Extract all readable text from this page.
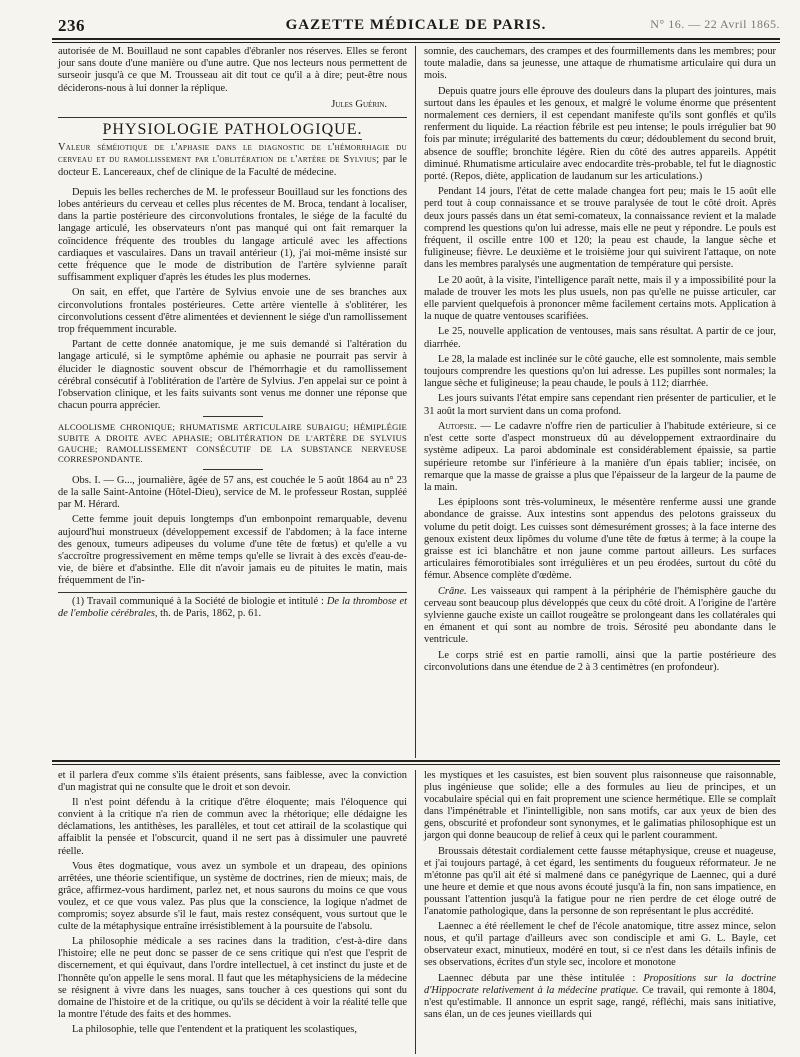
236	GAZETTE MÉDICALE DE PARIS.	N° 16. — 22 Avril 1865.

autorisée de M. Bouillaud ne sont capables d'ébranler nos réserves. Elles se feront jour sans doute d'une manière ou d'une autre. Que nos lecteurs nous permettent de surseoir jusqu'à ce que M. Trousseau ait dit tout ce qu'il a à dire; peut-être nous déciderons-nous à lui donner la réplique.

Jules Guérin.
PHYSIOLOGIE PATHOLOGIQUE.

Valeur séméiotique de l'aphasie dans le diagnostic de l'hémorrhagie du cerveau et du ramollissement par l'oblitération de l'artère de Sylvius; par le docteur E. Lancereaux, chef de clinique de la Faculté de médecine.

Depuis les belles recherches de M. le professeur Bouillaud sur les fonctions des lobes antérieurs du cerveau et celles plus récentes de M. Broca, tendant à localiser, dans la partie postérieure des circonvolutions frontales, le siége de la faculté du langage articulé, les observateurs n'ont pas manqué qui ont fait remarquer la coïncidence fréquente des troubles du langage articulé avec les affections cardiaques et vasculaires. Dans un travail antérieur (1), j'ai moi-même insisté sur cette fréquence que le mode de distribution de l'artère sylvienne paraît suffisamment expliquer d'après les études les plus modernes.

On sait, en effet, que l'artère de Sylvius envoie une de ses branches aux circonvolutions frontales postérieures. Cette artère vientelle à s'oblitérer, les circonvolutions cessent d'être alimentées et deviennent le siége d'un ramollissement trop fréquemment incurable.

Partant de cette donnée anatomique, je me suis demandé si l'altération du langage articulé, si le symptôme aphémie ou aphasie ne pourrait pas servir à élucider le diagnostic souvent obscur de l'hémorrhagie et du ramollissement cérébral consécutif à l'oblitération de l'artère de Sylvius. J'en appelai sur ce point à l'observation clinique, et les faits suivants sont venus me donner une réponse que chacun pourra apprécier.

ALCOOLISME CHRONIQUE; RHUMATISME ARTICULAIRE SUBAIGU; HÉMIPLÉGIE SUBITE A DROITE AVEC APHASIE; OBLITÉRATION DE L'ARTÈRE DE SYLVIUS GAUCHE; RAMOLLISSEMENT CONSÉCUTIF DE LA SUBSTANCE NERVEUSE CORRESPONDANTE.

Obs. I. — G..., journalière, âgée de 57 ans, est couchée le 5 août 1864 au n° 23 de la salle Saint-Antoine (Hôtel-Dieu), service de M. le professeur Rostan, suppléé par M. Hérard.

Cette femme jouit depuis longtemps d'un embonpoint remarquable, devenu aujourd'hui monstrueux (développement excessif de l'abdomen; à la face interne des genoux, tumeurs adipeuses du volume d'une tête de fœtus) et qu'elle a vu s'accroître progressivement en même temps qu'elle se livrait à des excès d'eau-de-vie, de bière et d'absinthe. Elle dit n'avoir jamais eu de pituites le matin, mais fréquemment de l'in-

(1) Travail communiqué à la Société de biologie et intitulé : De la thrombose et de l'embolie cérébrales, th. de Paris, 1862, p. 61.

somnie, des cauchemars, des crampes et des fourmillements dans les membres; pour toute maladie, dans sa jeunesse, une attaque de rhumatisme articulaire qui dura un mois.

Depuis quatre jours elle éprouve des douleurs dans la plupart des jointures, mais surtout dans les épaules et les genoux, et malgré le volume énorme que présentent normalement ces derniers, il est cependant manifeste qu'ils sont gonflés et qu'ils renferment du liquide. La réaction fébrile est peu intense; le pouls irrégulier bat 90 fois par minute; irrégularité des battements du cœur; dédoublement du second bruit, absence de souffle; bronchite légère. Rien du côté des autres appareils. Appétit diminué. Rhumatisme articulaire avec endocardite très-probable, tel fut le diagnostic porté. (Repos, diète, application de laudanum sur les articulations.)

Pendant 14 jours, l'état de cette malade changea fort peu; mais le 15 août elle perd tout à coup connaissance et se trouve paralysée de tout le côté droit. Après deux jours passés dans un état semi-comateux, la connaissance revient et la malade comprend les questions qu'on lui adresse, mais elle ne peut y répondre. Le pouls est fréquent, il oscille entre 100 et 120; la peau est chaude, la langue sèche et fuligineuse; fièvre. Le deuxième et le troisième jour qui suivirent l'attaque, on note dans les membres paralysés une augmentation de température qui persiste.

Le 20 août, à la visite, l'intelligence paraît nette, mais il y a impossibilité pour la malade de trouver les mots les plus usuels, non pas qu'elle ne puisse articuler, car elle parvient quelquefois à prononcer même facilement certains mots. Application à la nuque de quatre ventouses scarifiées.

Le 25, nouvelle application de ventouses, mais sans résultat. A partir de ce jour, diarrhée.

Le 28, la malade est inclinée sur le côté gauche, elle est somnolente, mais semble toujours comprendre les questions qu'on lui adresse. Les pupilles sont normales; la langue sèche et fuligineuse; la peau chaude, le pouls à 112; diarrhée.

Les jours suivants l'état empire sans cependant rien présenter de particulier, et le 31 août la mort survient dans un coma profond.

Autopsie. — Le cadavre n'offre rien de particulier à l'habitude extérieure, si ce n'est cette sorte d'aspect monstrueux dû au développement extraordinaire du système adipeux. La paroi abdominale est considérablement épaissie, sa partie supérieure retombe sur l'inférieure à la manière d'un épais tablier; incisée, on remarque que la masse de graisse a plus que l'épaisseur de la largeur de la paume de la main.

Les épiploons sont très-volumineux, le mésentère renferme aussi une grande abondance de graisse. Aux intestins sont appendus des pelotons graisseux du volume du petit doigt. Les cuisses sont démesurément grosses; à la face interne des genoux existent deux lipômes du volume d'une tête de fœtus à terme; à la coupe la graisse est ici blanchâtre et non jaune comme partout ailleurs. Les surfaces articulaires fémorotibiales sont irrégulières et un peu érodées, surtout du côté du fémur. Absence complète d'œdème.

Crâne. Les vaisseaux qui rampent à la périphérie de l'hémisphère gauche du cerveau sont beaucoup plus développés que ceux du côté droit. A l'origine de l'artère sylvienne gauche existe un caillot rougeâtre se prolongeant dans les collatérales qui en émanent et qui sont au nombre de trois. Sérosité peu abondante dans le ventricule.

Le corps strié est en partie ramolli, ainsi que la partie postérieure des circonvolutions dans une étendue de 2 à 3 centimètres (en profondeur).

et il parlera d'eux comme s'ils étaient présents, sans faiblesse, avec la conviction d'un magistrat qui ne consulte que le droit et son devoir.

Il n'est point défendu à la critique d'être éloquente; mais l'éloquence qui convient à la critique n'a rien de commun avec la rhétorique; elle dédaigne les déclamations, les antithèses, les parallèles, et tout cet attirail de la scolastique qui affaiblit la pensée et l'obscurcit, quand il ne sert pas à dissimuler une pauvreté réelle.

Vous êtes dogmatique, vous avez un symbole et un drapeau, des opinions arrêtées, une théorie scientifique, un système de doctrines, rien de mieux; mais, de grâce, affirmez-vous hardiment, parlez net, et nous saurons du moins ce que vous voulez, et ce que vous valez. Pas plus que la conscience, la logique n'admet de compromis; soyez absurde s'il le faut, mais restez conséquent, vous surtout que le culte de la métaphysique entraîne irrésistiblement à la poursuite de l'absolu.

La philosophie médicale a ses racines dans la tradition, c'est-à-dire dans l'histoire; elle ne peut donc se passer de ce sens critique qui n'est que l'esprit de discernement, et qui équivaut, dans l'ordre intellectuel, à cet instinct du juste et de l'honnête qu'on appelle le sens moral. Il faut que les métaphysiciens de la médecine se résignent à vivre dans les nuages, sans toucher à ces questions qui sont du domaine de l'histoire et de la critique, ou qu'ils se décident à voir la réalité telle que la montre l'étude des faits et des hommes.

La philosophie, telle que l'entendent et la pratiquent les scolastiques,

les mystiques et les casuistes, est bien souvent plus raisonneuse que raisonnable, plus ingénieuse que solide; elle a des formules au lieu de principes, et un vocabulaire spécial qui en fait proprement une science hermétique. Elle se complaît dans l'impénétrable et l'inintelligible, non sans motifs, car aux yeux de bien des gens, obscurité et profondeur sont synonymes, et le galimatias philosophique est un jargon qui donne beaucoup de relief à ceux qui le parlent couramment.

Broussais détestait cordialement cette fausse métaphysique, creuse et nuageuse, et j'ai toujours partagé, à cet égard, les sentiments du fougueux réformateur. Je ne m'étonne pas qu'il ait été si malmené dans ce panégyrique de Laennec, qui a duré une heure et demie et que nous avons écouté jusqu'à la fin, non sans impatience, en poussant l'attention jusqu'à la fatigue pour ne rien perdre de cet éloge outré de l'anatomie pathologique, dans la personne de son représentant le plus accrédité.

Laennec a été réellement le chef de l'école anatomique, titre assez mince, selon nous, et qu'il partage d'ailleurs avec son condisciple et ami G. L. Bayle, cet observateur exact, minutieux, modéré en tout, si ce n'est dans les détails infinis de ses observations, écrites d'un style sec, incolore et monotone

Laennec débuta par une thèse intitulée : Propositions sur la doctrine d'Hippocrate relativement à la médecine pratique. Ce travail, qui remonte à 1804, n'est qu'estimable. Il annonce un esprit sage, rangé, réfléchi, mais sans initiative, sans élan, un de ces jeunes vieillards qui
